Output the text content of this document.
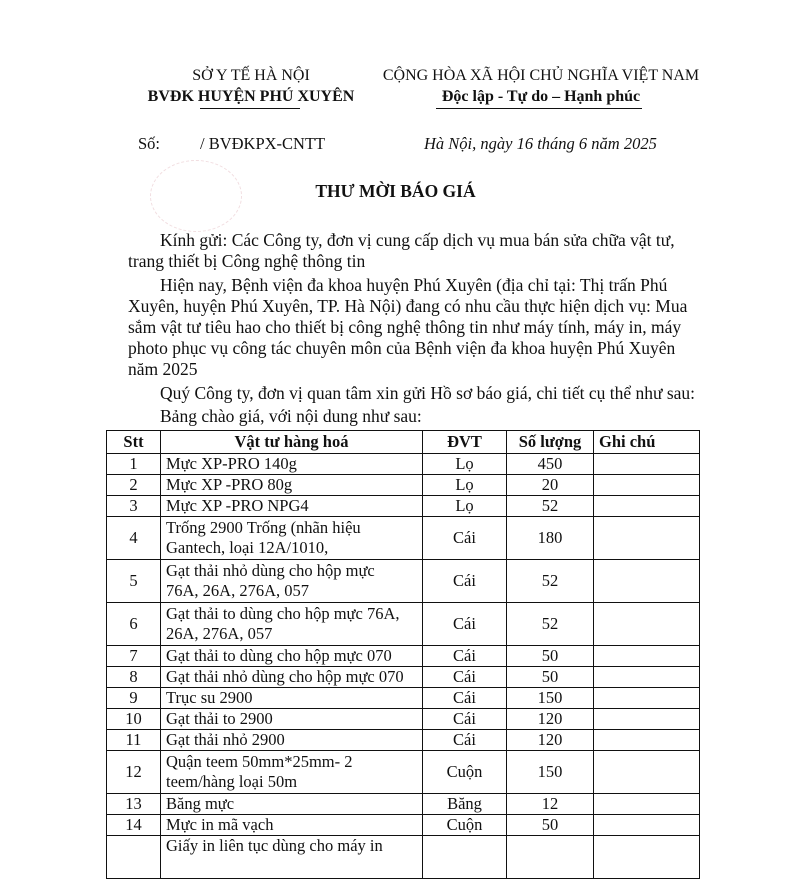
SỞ Y TẾ HÀ NỘI
BVĐK HUYỆN PHÚ XUYÊN
CỘNG HÒA XÃ HỘI CHỦ NGHĨA VIỆT NAM
Độc lập - Tự do – Hạnh phúc
Số: / BVĐKPX-CNTT	Hà Nội, ngày 16 tháng 6 năm 2025
THƯ MỜI BÁO GIÁ
Kính gửi: Các Công ty, đơn vị cung cấp dịch vụ mua bán sửa chữa vật tư,
trang thiết bị Công nghệ thông tin
Hiện nay, Bệnh viện đa khoa huyện Phú Xuyên (địa chỉ tại: Thị trấn Phú
Xuyên, huyện Phú Xuyên, TP. Hà Nội) đang có nhu cầu thực hiện dịch vụ: Mua
sắm vật tư tiêu hao cho thiết bị công nghệ thông tin như máy tính, máy in, máy
photo phục vụ công tác chuyên môn của Bệnh viện đa khoa huyện Phú Xuyên
năm 2025
Quý Công ty, đơn vị quan tâm xin gửi Hồ sơ báo giá, chi tiết cụ thể như sau:
Bảng chào giá, với nội dung như sau:
Stt	Vật tư hàng hoá	ĐVT	Số lượng	Ghi chú
1	Mực XP-PRO 140g	Lọ	450	
2	Mực XP -PRO 80g	Lọ	20	
3	Mực XP -PRO NPG4	Lọ	52	
4	Trống 2900 Trống (nhãn hiệu
Gantech, loại 12A/1010,	Cái	180	
5	Gạt thải nhỏ dùng cho hộp mực
76A, 26A, 276A, 057	Cái	52	
6	Gạt thải to dùng cho hộp mực 76A,
26A, 276A, 057	Cái	52	
7	Gạt thải to dùng cho hộp mực 070	Cái	50	
8	Gạt thải nhỏ dùng cho hộp mực 070	Cái	50	
9	Trục su 2900	Cái	150	
10	Gạt thải to 2900	Cái	120	
11	Gạt thải nhỏ 2900	Cái	120	
12	Quận teem 50mm*25mm- 2
teem/hàng loại 50m	Cuộn	150	
13	Băng mực	Băng	12	
14	Mực in mã vạch	Cuộn	50	

	Giấy in liên tục dùng cho máy in			
